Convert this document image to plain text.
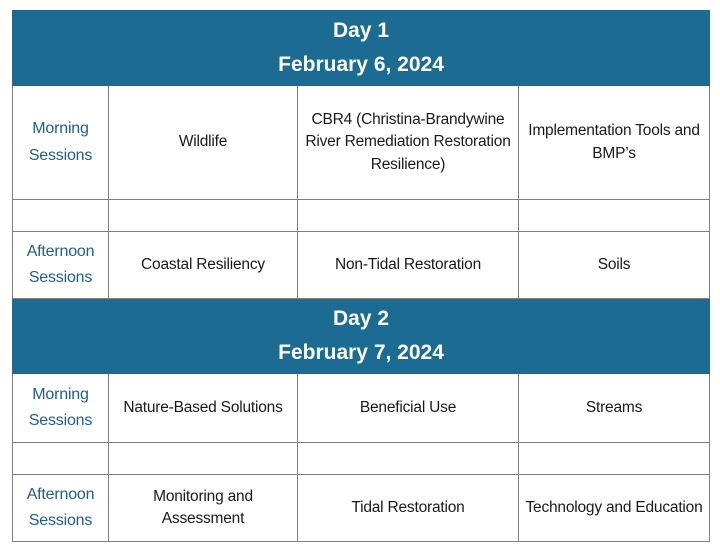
Day 1
February 6, 2024			

Morning
Sessions	Wildlife	CBR4 (Christina-Brandywine River Remediation Restoration Resilience)	Implementation Tools and BMP’s

Afternoon
Sessions	Coastal Resiliency	Non-Tidal Restoration	Soils

Day 2
February 7, 2024			

Morning
Sessions	Nature-Based Solutions	Beneficial Use	Streams

Afternoon
Sessions	Monitoring and Assessment	Tidal Restoration	Technology and Education
